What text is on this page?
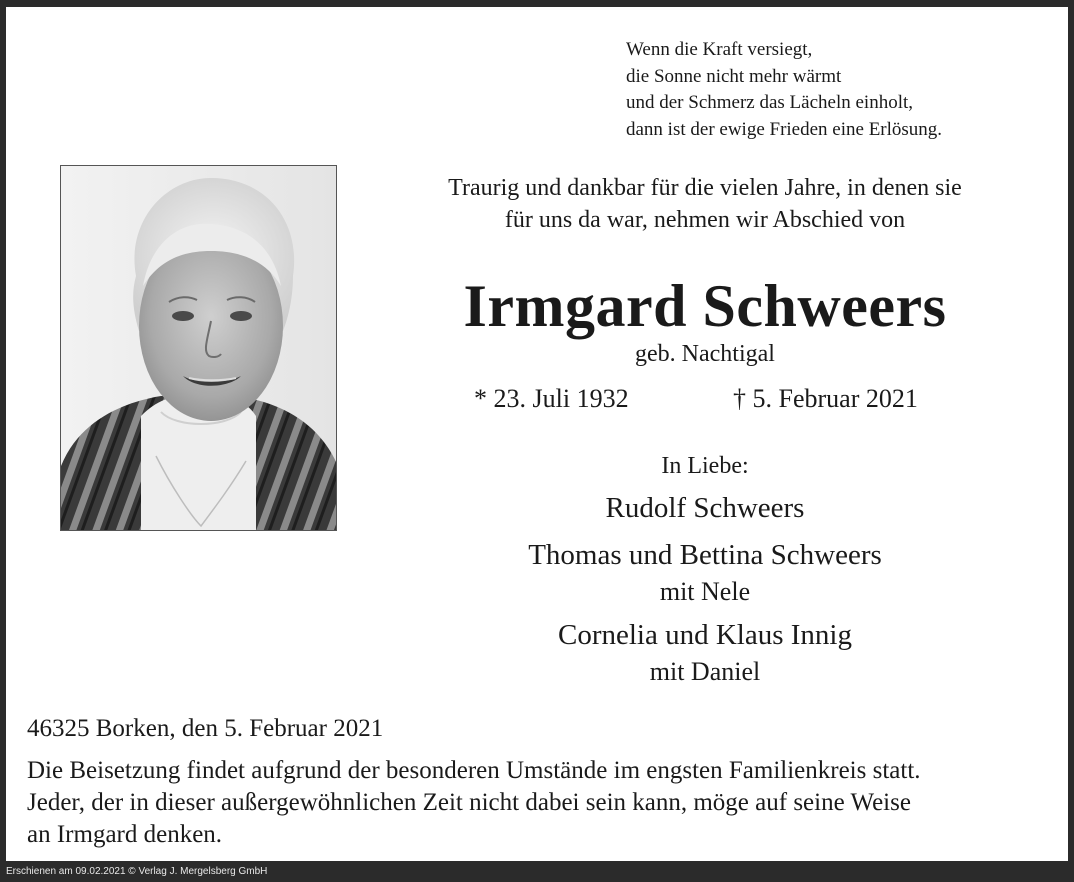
Wenn die Kraft versiegt,
die Sonne nicht mehr wärmt
und der Schmerz das Lächeln einholt,
dann ist der ewige Frieden eine Erlösung.
Traurig und dankbar für die vielen Jahre, in denen sie
für uns da war, nehmen wir Abschied von
Irmgard Schweers
geb. Nachtigal
* 23. Juli 1932	† 5. Februar 2021
In Liebe:
Rudolf Schweers
Thomas und Bettina Schweers
mit Nele
Cornelia und Klaus Innig
mit Daniel
46325 Borken, den 5. Februar 2021
Die Beisetzung findet aufgrund der besonderen Umstände im engsten Familienkreis statt.
Jeder, der in dieser außergewöhnlichen Zeit nicht dabei sein kann, möge auf seine Weise
an Irmgard denken.
Erschienen am 09.02.2021 © Verlag J. Mergelsberg GmbH
